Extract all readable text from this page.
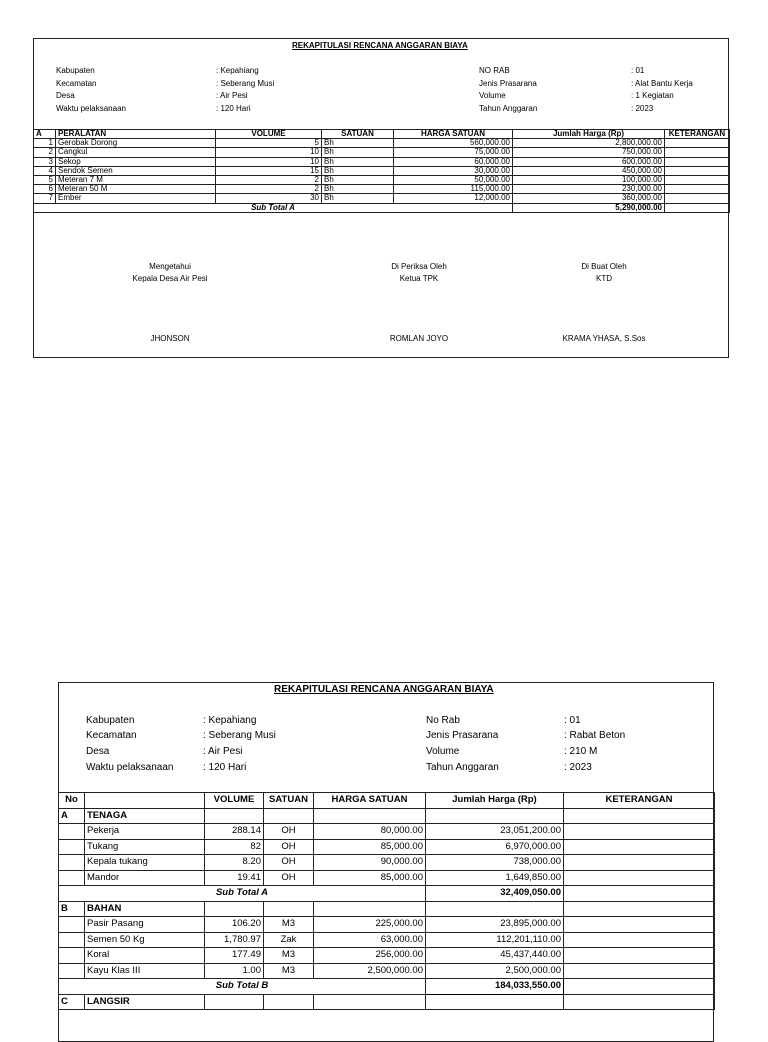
REKAPITULASI RENCANA ANGGARAN BIAYA
Kabupaten	: Kepahiang
Kecamatan	: Seberang Musi
Desa	: Air Pesi
Waktu pelaksanaan	: 120 Hari
NO RAB	: 01
Jenis Prasarana	: Alat Bantu Kerja
Volume	: 1 Kegiatan
Tahun Anggaran	: 2023
A	PERALATAN	VOLUME	SATUAN	HARGA SATUAN	Jumlah Harga (Rp)	KETERANGAN
1	Gerobak Dorong	5	Bh	560,000.00	2,800,000.00	
2	Cangkul	10	Bh	75,000.00	750,000.00	
3	Sekop	10	Bh	60,000.00	600,000.00	
4	Sendok Semen	15	Bh	30,000.00	450,000.00	
5	Meteran 7 M	2	Bh	50,000.00	100,000.00	
6	Meteran 50 M	2	Bh	115,000.00	230,000.00	
7	Ember	30	Bh	12,000.00	360,000.00	
Sub Total A					5,290,000.00	
Mengetahui
Kepala Desa Air Pesi
JHONSON
Di Periksa Oleh
Ketua TPK
ROMLAN JOYO
Di Buat Oleh
KTD
KRAMA YHASA, S.Sos
REKAPITULASI RENCANA ANGGARAN BIAYA
Kabupaten	: Kepahiang
Kecamatan	: Seberang Musi
Desa	: Air Pesi
Waktu pelaksanaan	: 120 Hari
No Rab	: 01
Jenis Prasarana	: Rabat Beton
Volume	: 210 M
Tahun Anggaran	: 2023
No		VOLUME	SATUAN	HARGA SATUAN	Jumlah Harga (Rp)	KETERANGAN
A	TENAGA					
	Pekerja	288.14	OH	80,000.00	23,051,200.00	
	Tukang	82	OH	85,000.00	6,970,000.00	
	Kepala tukang	8.20	OH	90,000.00	738,000.00	
	Mandor	19.41	OH	85,000.00	1,649,850.00	
Sub Total A					32,409,050.00	
B	BAHAN					
	Pasir Pasang	106.20	M3	225,000.00	23,895,000.00	
	Semen 50 Kg	1,780.97	Zak	63,000.00	112,201,110.00	
	Koral	177.49	M3	256,000.00	45,437,440.00	
	Kayu Klas III	1.00	M3	2,500,000.00	2,500,000.00	
Sub Total B					184,033,550.00	
C	LANGSIR					
